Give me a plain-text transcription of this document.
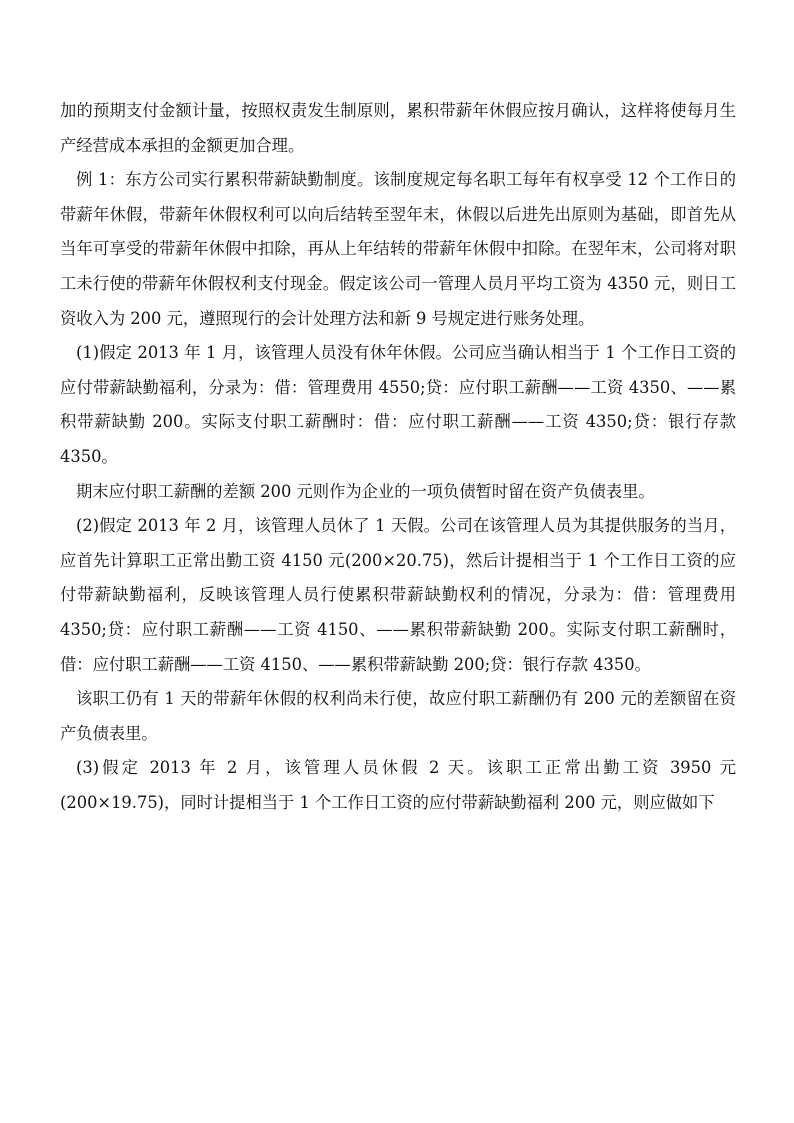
加的预期支付金额计量，按照权责发生制原则，累积带薪年休假应按月确认，这样将使每月生产经营成本承担的金额更加合理。

例 1：东方公司实行累积带薪缺勤制度。该制度规定每名职工每年有权享受 12 个工作日的带薪年休假，带薪年休假权利可以向后结转至翌年末，休假以后进先出原则为基础，即首先从当年可享受的带薪年休假中扣除，再从上年结转的带薪年休假中扣除。在翌年末，公司将对职工未行使的带薪年休假权利支付现金。假定该公司一管理人员月平均工资为 4350 元，则日工资收入为 200 元，遵照现行的会计处理方法和新 9 号规定进行账务处理。

(1)假定 2013 年 1 月，该管理人员没有休年休假。公司应当确认相当于 1 个工作日工资的应付带薪缺勤福利，分录为：借：管理费用 4550;贷：应付职工薪酬——工资 4350、——累积带薪缺勤 200。实际支付职工薪酬时：借：应付职工薪酬——工资 4350;贷：银行存款 4350。

期末应付职工薪酬的差额 200 元则作为企业的一项负债暂时留在资产负债表里。

(2)假定 2013 年 2 月，该管理人员休了 1 天假。公司在该管理人员为其提供服务的当月，应首先计算职工正常出勤工资 4150 元(200×20.75)，然后计提相当于 1 个工作日工资的应付带薪缺勤福利，反映该管理人员行使累积带薪缺勤权利的情况，分录为：借：管理费用 4350;贷：应付职工薪酬——工资 4150、——累积带薪缺勤 200。实际支付职工薪酬时，借：应付职工薪酬——工资 4150、——累积带薪缺勤 200;贷：银行存款 4350。

该职工仍有 1 天的带薪年休假的权利尚未行使，故应付职工薪酬仍有 200 元的差额留在资产负债表里。

(3)假定 2013 年 2 月，该管理人员休假 2 天。该职工正常出勤工资 3950 元(200×19.75)，同时计提相当于 1 个工作日工资的应付带薪缺勤福利 200 元，则应做如下
